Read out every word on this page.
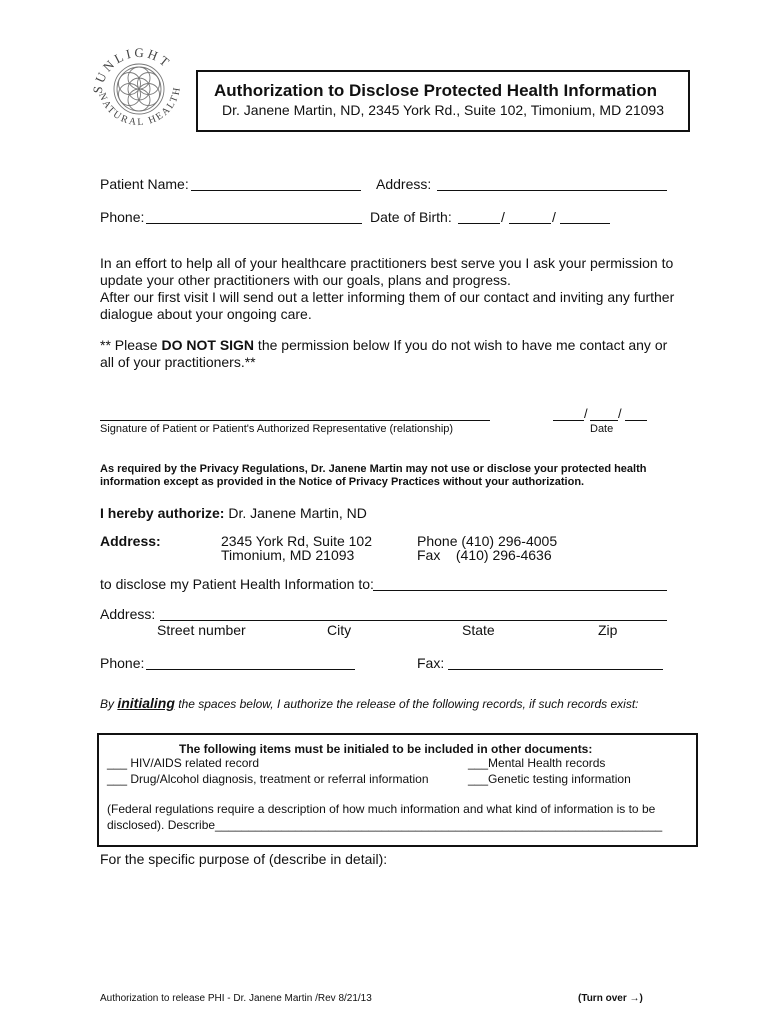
SUNLIGHT
NATURAL HEALTH Authorization to Disclose Protected Health Information
Dr. Janene Martin, ND, 2345 York Rd., Suite 102, Timonium, MD 21093
Patient Name:	Address:
Phone:	Date of Birth:	/	/
In an effort to help all of your healthcare practitioners best serve you I ask your permission to
update your other practitioners with our goals, plans and progress.
After our first visit I will send out a letter informing them of our contact and inviting any further
dialogue about your ongoing care.
** Please DO NOT SIGN the permission below If you do not wish to have me contact any or
all of your practitioners.**
Signature of Patient or Patient's Authorized Representative (relationship)
/ /
Date
As required by the Privacy Regulations, Dr. Janene Martin may not use or disclose your protected health
information except as provided in the Notice of Privacy Practices without your authorization.
I hereby authorize: Dr. Janene Martin, ND
Address:	2345 York Rd, Suite 102
Timonium, MD 21093
Phone (410) 296-4005
Fax    (410) 296-4636
to disclose my Patient Health Information to:
Address:
Street number	City	State	Zip
Phone:	Fax:
By initialing the spaces below, I authorize the release of the following records, if such records exist:
The following items must be initialed to be included in other documents:
___ HIV/AIDS related record
___ Drug/Alcohol diagnosis, treatment or referral information
___Mental Health records
___Genetic testing information
(Federal regulations require a description of how much information and what kind of information is to be
disclosed). Describe___________________________________________________________________
For the specific purpose of (describe in detail):
Authorization to release PHI - Dr. Janene Martin /Rev 8/21/13	(Turn over →)
